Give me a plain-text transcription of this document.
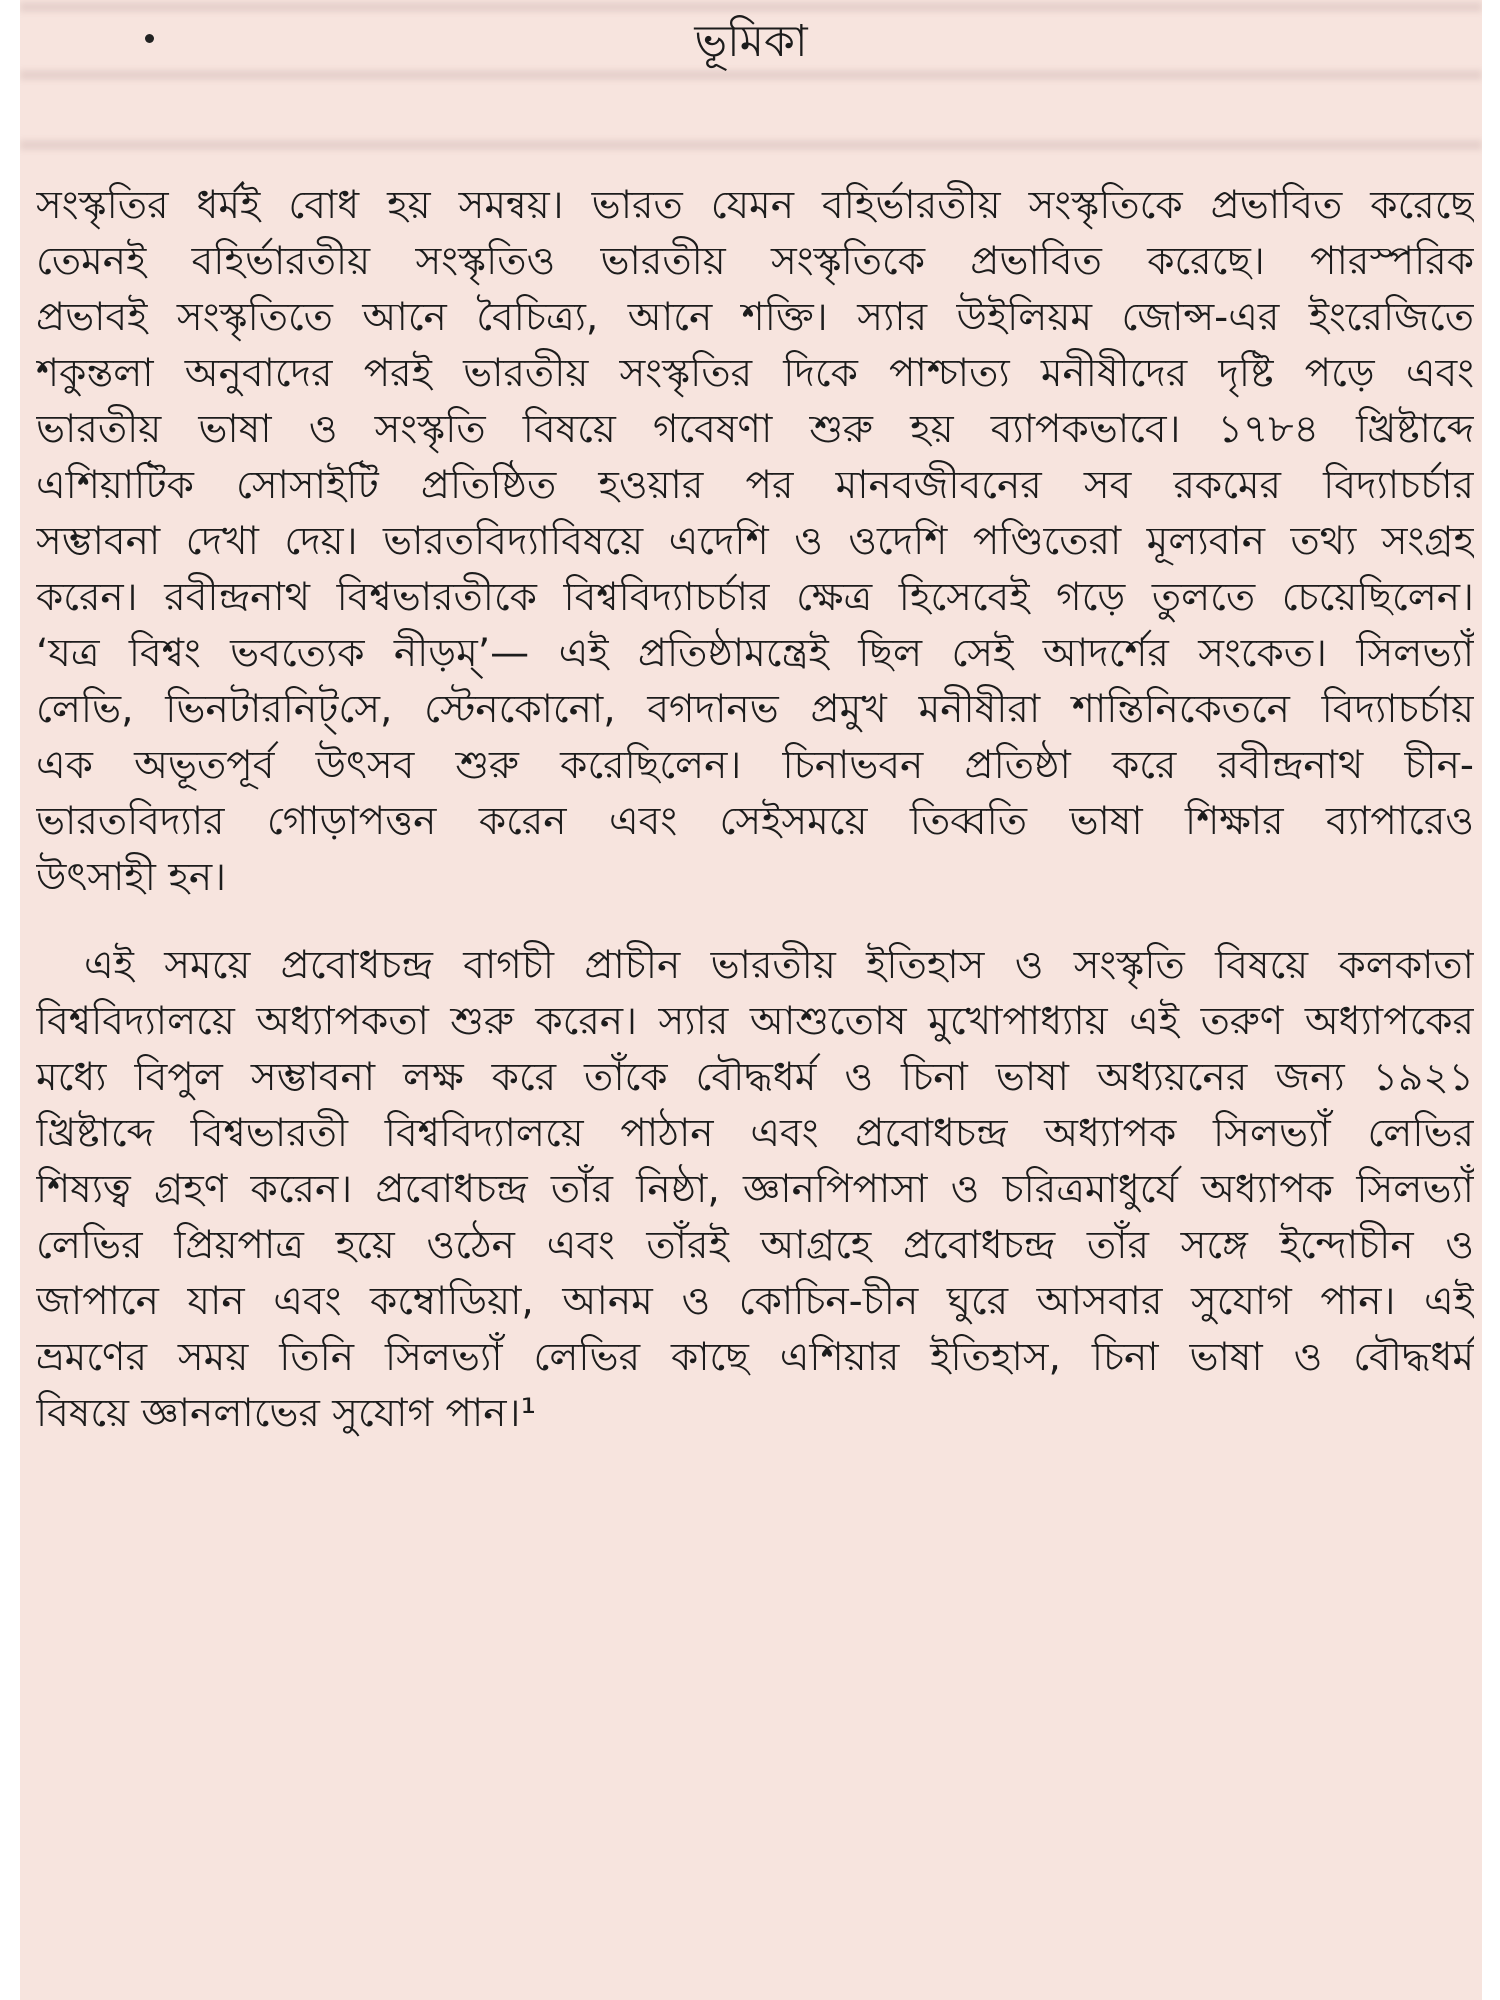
ভূমিকা
সংস্কৃতির ধর্মই বোধ হয় সমন্বয়। ভারত যেমন বহির্ভারতীয় সংস্কৃতিকে প্রভাবিত করেছে
তেমনই বহির্ভারতীয় সংস্কৃতিও ভারতীয় সংস্কৃতিকে প্রভাবিত করেছে। পারস্পরিক
প্রভাবই সংস্কৃতিতে আনে বৈচিত্র্য, আনে শক্তি। স্যার উইলিয়ম জোন্স-এর ইংরেজিতে
শকুন্তলা অনুবাদের পরই ভারতীয় সংস্কৃতির দিকে পাশ্চাত্য মনীষীদের দৃষ্টি পড়ে এবং
ভারতীয় ভাষা ও সংস্কৃতি বিষয়ে গবেষণা শুরু হয় ব্যাপকভাবে। ১৭৮৪ খ্রিষ্টাব্দে
এশিয়াটিক সোসাইটি প্রতিষ্ঠিত হওয়ার পর মানবজীবনের সব রকমের বিদ্যাচর্চার
সম্ভাবনা দেখা দেয়। ভারতবিদ্যাবিষয়ে এদেশি ও ওদেশি পণ্ডিতেরা মূল্যবান তথ্য সংগ্রহ
করেন। রবীন্দ্রনাথ বিশ্বভারতীকে বিশ্ববিদ্যাচর্চার ক্ষেত্র হিসেবেই গড়ে তুলতে চেয়েছিলেন।
‘যত্র বিশ্বং ভবত্যেক নীড়ম্’— এই প্রতিষ্ঠামন্ত্রেই ছিল সেই আদর্শের সংকেত। সিলভ্যাঁ
লেভি, ভিনটারনিট্‌সে, স্টেনকোনো, বগদানভ প্রমুখ মনীষীরা শান্তিনিকেতনে বিদ্যাচর্চায়
এক অভূতপূর্ব উৎসব শুরু করেছিলেন। চিনাভবন প্রতিষ্ঠা করে রবীন্দ্রনাথ চীন-
ভারতবিদ্যার গোড়াপত্তন করেন এবং সেইসময়ে তিব্বতি ভাষা শিক্ষার ব্যাপারেও
উৎসাহী হন।
এই সময়ে প্রবোধচন্দ্র বাগচী প্রাচীন ভারতীয় ইতিহাস ও সংস্কৃতি বিষয়ে কলকাতা
বিশ্ববিদ্যালয়ে অধ্যাপকতা শুরু করেন। স্যার আশুতোষ মুখোপাধ্যায় এই তরুণ অধ্যাপকের
মধ্যে বিপুল সম্ভাবনা লক্ষ করে তাঁকে বৌদ্ধধর্ম ও চিনা ভাষা অধ্যয়নের জন্য ১৯২১
খ্রিষ্টাব্দে বিশ্বভারতী বিশ্ববিদ্যালয়ে পাঠান এবং প্রবোধচন্দ্র অধ্যাপক সিলভ্যাঁ লেভির
শিষ্যত্ব গ্রহণ করেন। প্রবোধচন্দ্র তাঁর নিষ্ঠা, জ্ঞানপিপাসা ও চরিত্রমাধুর্যে অধ্যাপক সিলভ্যাঁ
লেভির প্রিয়পাত্র হয়ে ওঠেন এবং তাঁরই আগ্রহে প্রবোধচন্দ্র তাঁর সঙ্গে ইন্দোচীন ও
জাপানে যান এবং কম্বোডিয়া, আনম ও কোচিন-চীন ঘুরে আসবার সুযোগ পান। এই
ভ্রমণের সময় তিনি সিলভ্যাঁ লেভির কাছে এশিয়ার ইতিহাস, চিনা ভাষা ও বৌদ্ধধর্ম
বিষয়ে জ্ঞানলাভের সুযোগ পান।¹
